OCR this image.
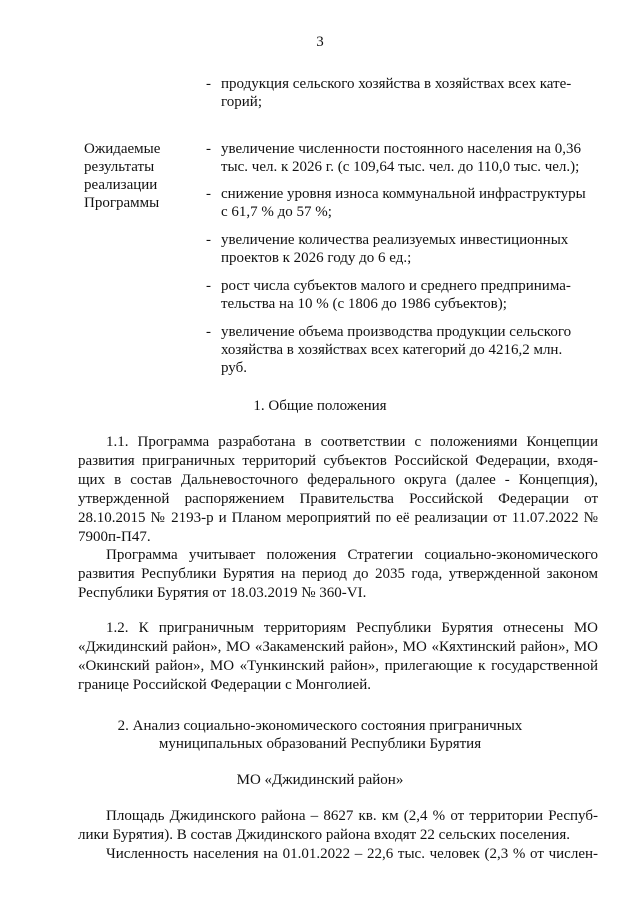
3
- продукция сельского хозяйства в хозяйствах всех кате-
горий;
Ожидаемые
результаты
реализации
Программы
- увеличение численности постоянного населения на 0,36
тыс. чел. к 2026 г. (с 109,64 тыс. чел. до 110,0 тыс. чел.);
- снижение уровня износа коммунальной инфраструктуры
с 61,7 % до 57 %;
- увеличение количества реализуемых инвестиционных
проектов к 2026 году до 6 ед.;
- рост числа субъектов малого и среднего предпринима-
тельства на 10 % (с 1806 до 1986 субъектов);
- увеличение объема производства продукции сельского
хозяйства в хозяйствах всех категорий до 4216,2 млн.
руб.
1. Общие положения
1.1. Программа разработана в соответствии с положениями Концепции
развития приграничных территорий субъектов Российской Федерации, входя-
щих в состав Дальневосточного федерального округа (далее - Концепция),
утвержденной распоряжением Правительства Российской Федерации от
28.10.2015 № 2193-р и Планом мероприятий по её реализации от 11.07.2022 №
7900п-П47.
Программа учитывает положения Стратегии социально-экономического
развития Республики Бурятия на период до 2035 года, утвержденной законом
Республики Бурятия от 18.03.2019 № 360-VI.
1.2. К приграничным территориям Республики Бурятия отнесены МО
«Джидинский район», МО «Закаменский район», МО «Кяхтинский район», МО
«Окинский район», МО «Тункинский район», прилегающие к государственной
границе Российской Федерации с Монголией.
2. Анализ социально-экономического состояния приграничных
муниципальных образований Республики Бурятия
МО «Джидинский район»
Площадь Джидинского района – 8627 кв. км (2,4 % от территории Респуб-
лики Бурятия). В состав Джидинского района входят 22 сельских поселения.
Численность населения на 01.01.2022 – 22,6 тыс. человек (2,3 % от числен-
